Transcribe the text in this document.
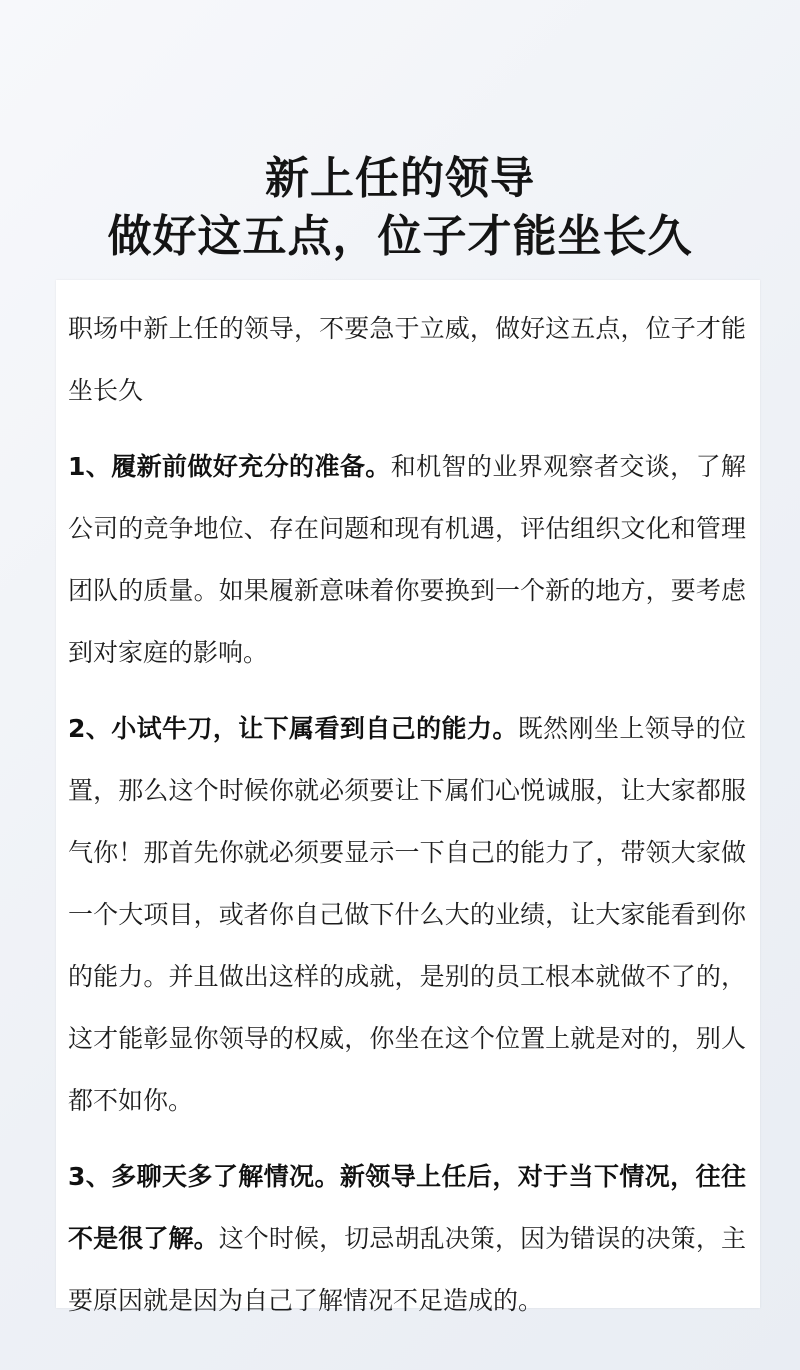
新上任的领导
做好这五点，位子才能坐长久

职场中新上任的领导，不要急于立威，做好这五点，位子才能坐长久

1、履新前做好充分的准备。和机智的业界观察者交谈，了解公司的竞争地位、存在问题和现有机遇，评估组织文化和管理团队的质量。如果履新意味着你要换到一个新的地方，要考虑到对家庭的影响。

2、小试牛刀，让下属看到自己的能力。既然刚坐上领导的位置，那么这个时候你就必须要让下属们心悦诚服，让大家都服气你！那首先你就必须要显示一下自己的能力了，带领大家做一个大项目，或者你自己做下什么大的业绩，让大家能看到你的能力。并且做出这样的成就，是别的员工根本就做不了的，这才能彰显你领导的权威，你坐在这个位置上就是对的，别人都不如你。

3、多聊天多了解情况。新领导上任后，对于当下情况，往往不是很了解。这个时候，切忌胡乱决策，因为错误的决策，主要原因就是因为自己了解情况不足造成的。
